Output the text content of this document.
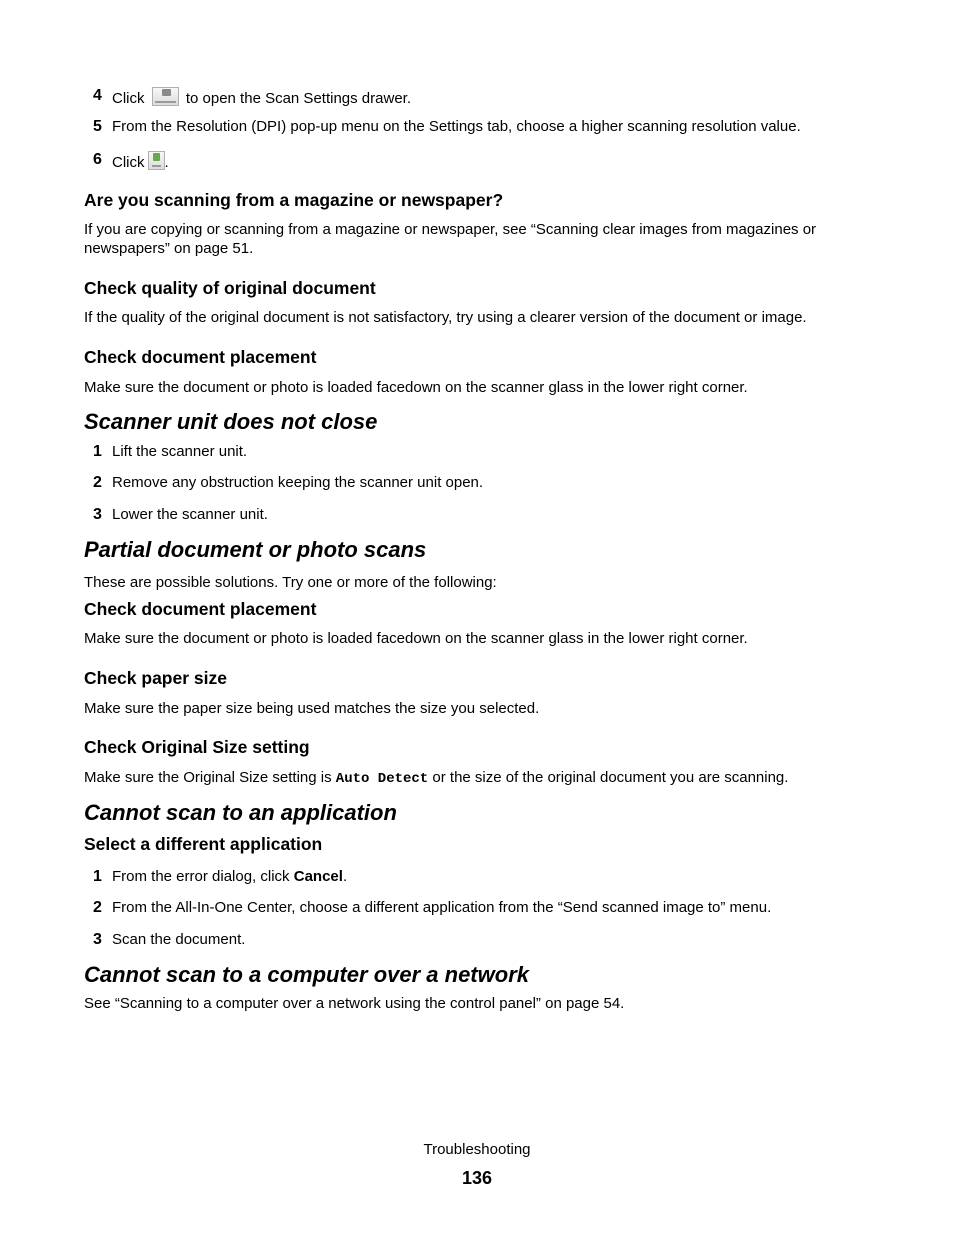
4 Click	to open the Scan Settings drawer.
5 From the Resolution (DPI) pop-up menu on the Settings tab, choose a higher scanning resolution value.
6 Click .
Are you scanning from a magazine or newspaper?
If you are copying or scanning from a magazine or newspaper, see “Scanning clear images from magazines or
newspapers” on page 51.
Check quality of original document
If the quality of the original document is not satisfactory, try using a clearer version of the document or image.
Check document placement
Make sure the document or photo is loaded facedown on the scanner glass in the lower right corner.
Scanner unit does not close
1 Lift the scanner unit.
2 Remove any obstruction keeping the scanner unit open.
3 Lower the scanner unit.
Partial document or photo scans
These are possible solutions. Try one or more of the following:
Check document placement
Make sure the document or photo is loaded facedown on the scanner glass in the lower right corner.
Check paper size
Make sure the paper size being used matches the size you selected.
Check Original Size setting
Make sure the Original Size setting is Auto Detect or the size of the original document you are scanning.
Cannot scan to an application
Select a different application
1 From the error dialog, click Cancel.
2 From the All-In-One Center, choose a different application from the “Send scanned image to” menu.
3 Scan the document.
Cannot scan to a computer over a network
See “Scanning to a computer over a network using the control panel” on page 54.
Troubleshooting
136
